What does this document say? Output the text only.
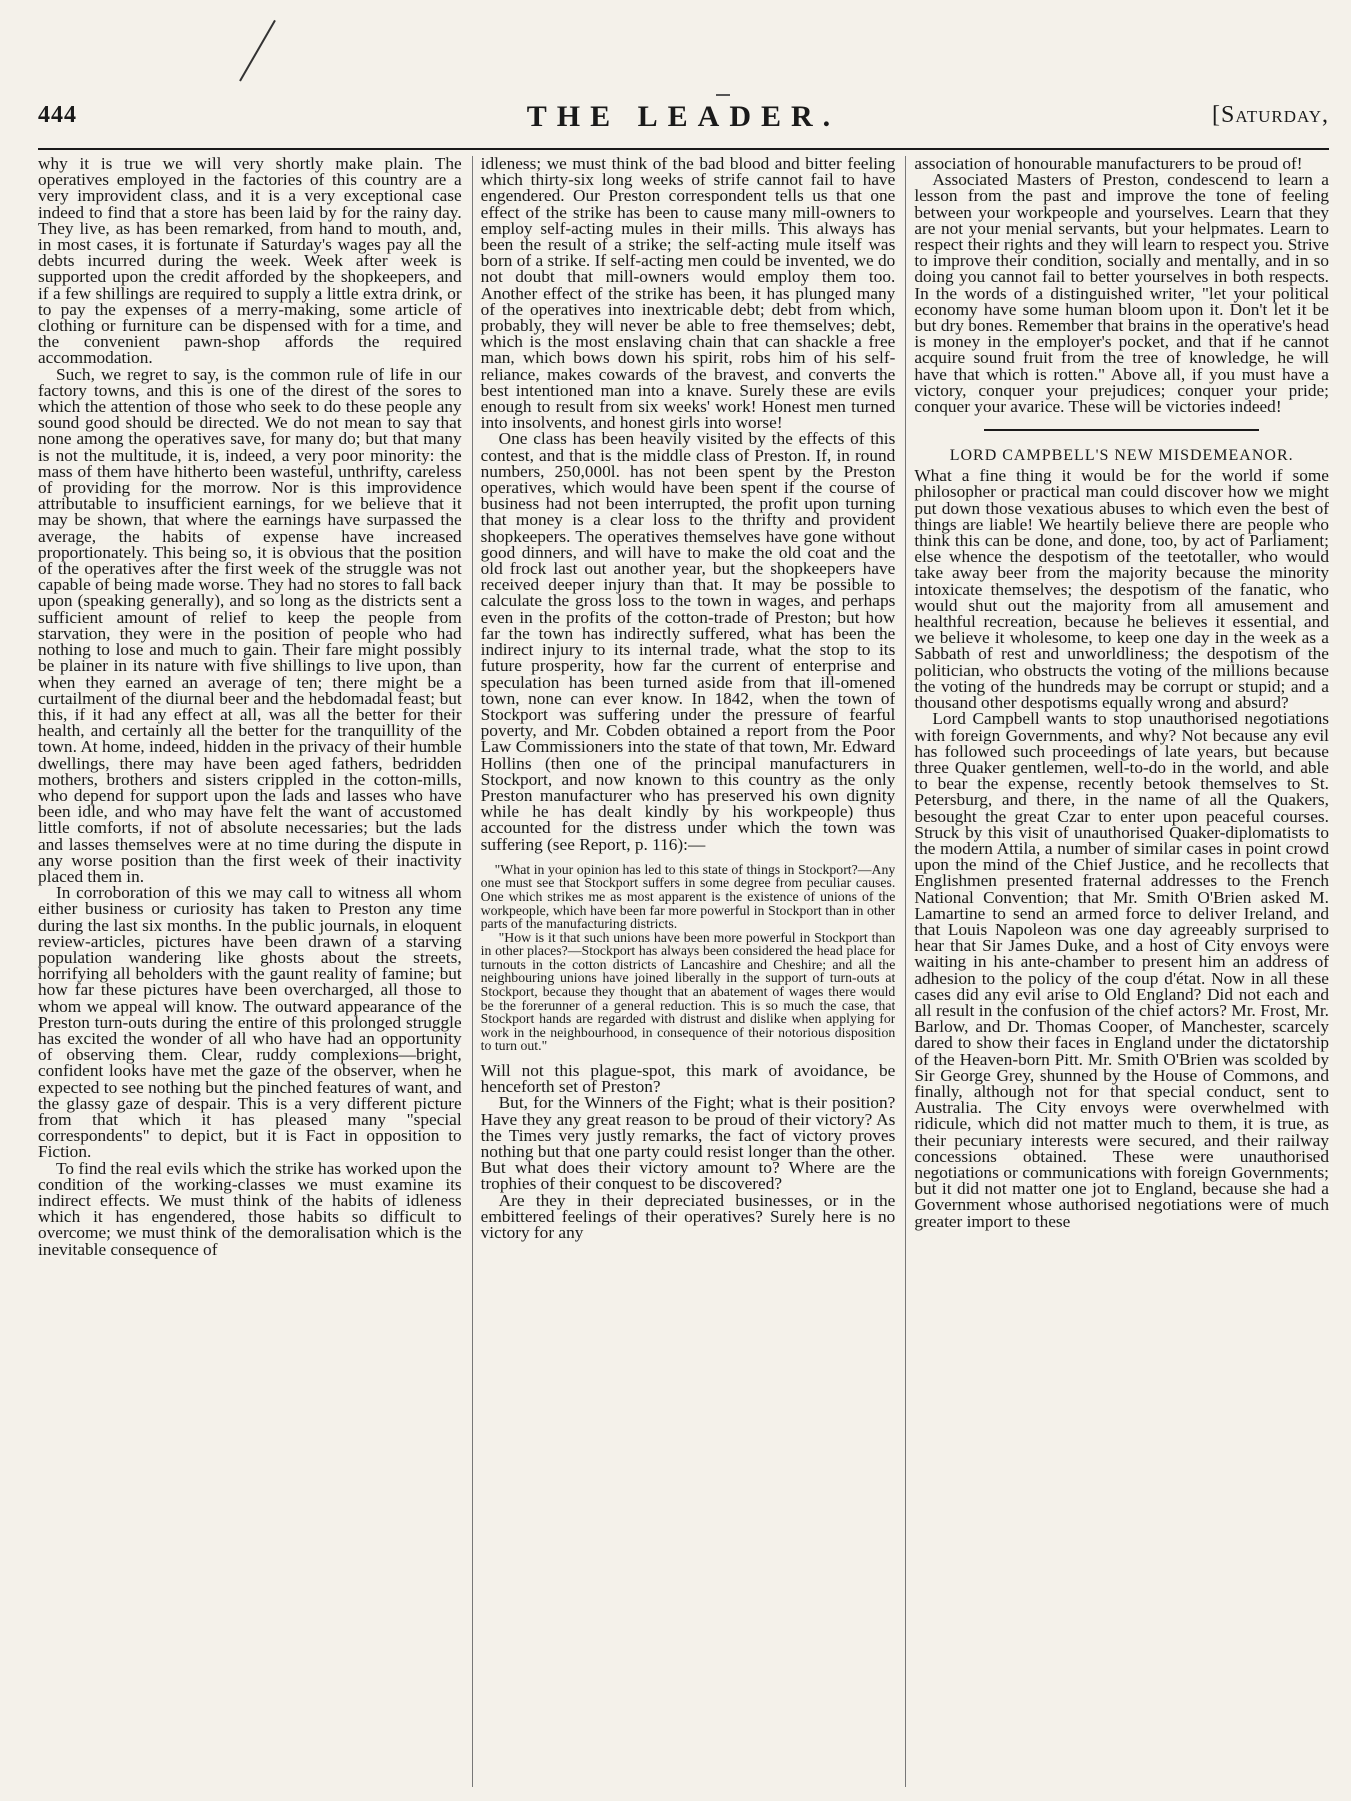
444	THE LEADER.	[Saturday,

why it is true we will very shortly make plain. The operatives employed in the factories of this country are a very improvident class, and it is a very exceptional case indeed to find that a store has been laid by for the rainy day. They live, as has been remarked, from hand to mouth, and, in most cases, it is fortunate if Saturday's wages pay all the debts incurred during the week. Week after week is supported upon the credit afforded by the shopkeepers, and if a few shillings are required to supply a little extra drink, or to pay the expenses of a merry-making, some article of clothing or furniture can be dispensed with for a time, and the convenient pawn-shop affords the required accommodation.

Such, we regret to say, is the common rule of life in our factory towns, and this is one of the direst of the sores to which the attention of those who seek to do these people any sound good should be directed. We do not mean to say that none among the operatives save, for many do; but that many is not the multitude, it is, indeed, a very poor minority: the mass of them have hitherto been wasteful, unthrifty, careless of providing for the morrow. Nor is this improvidence attributable to insufficient earnings, for we believe that it may be shown, that where the earnings have surpassed the average, the habits of expense have increased proportionately. This being so, it is obvious that the position of the operatives after the first week of the struggle was not capable of being made worse. They had no stores to fall back upon (speaking generally), and so long as the districts sent a sufficient amount of relief to keep the people from starvation, they were in the position of people who had nothing to lose and much to gain. Their fare might possibly be plainer in its nature with five shillings to live upon, than when they earned an average of ten; there might be a curtailment of the diurnal beer and the hebdomadal feast; but this, if it had any effect at all, was all the better for their health, and certainly all the better for the tranquillity of the town. At home, indeed, hidden in the privacy of their humble dwellings, there may have been aged fathers, bedridden mothers, brothers and sisters crippled in the cotton-mills, who depend for support upon the lads and lasses who have been idle, and who may have felt the want of accustomed little comforts, if not of absolute necessaries; but the lads and lasses themselves were at no time during the dispute in any worse position than the first week of their inactivity placed them in.

In corroboration of this we may call to witness all whom either business or curiosity has taken to Preston any time during the last six months. In the public journals, in eloquent review-articles, pictures have been drawn of a starving population wandering like ghosts about the streets, horrifying all beholders with the gaunt reality of famine; but how far these pictures have been overcharged, all those to whom we appeal will know. The outward appearance of the Preston turn-outs during the entire of this prolonged struggle has excited the wonder of all who have had an opportunity of observing them. Clear, ruddy complexions—bright, confident looks have met the gaze of the observer, when he expected to see nothing but the pinched features of want, and the glassy gaze of despair. This is a very different picture from that which it has pleased many "special correspondents" to depict, but it is Fact in opposition to Fiction.

To find the real evils which the strike has worked upon the condition of the working-classes we must examine its indirect effects. We must think of the habits of idleness which it has engendered, those habits so difficult to overcome; we must think of the demoralisation which is the inevitable consequence of

idleness; we must think of the bad blood and bitter feeling which thirty-six long weeks of strife cannot fail to have engendered. Our Preston correspondent tells us that one effect of the strike has been to cause many mill-owners to employ self-acting mules in their mills. This always has been the result of a strike; the self-acting mule itself was born of a strike. If self-acting men could be invented, we do not doubt that mill-owners would employ them too. Another effect of the strike has been, it has plunged many of the operatives into inextricable debt; debt from which, probably, they will never be able to free themselves; debt, which is the most enslaving chain that can shackle a free man, which bows down his spirit, robs him of his self-reliance, makes cowards of the bravest, and converts the best intentioned man into a knave. Surely these are evils enough to result from six weeks' work! Honest men turned into insolvents, and honest girls into worse!

One class has been heavily visited by the effects of this contest, and that is the middle class of Preston. If, in round numbers, 250,000l. has not been spent by the Preston operatives, which would have been spent if the course of business had not been interrupted, the profit upon turning that money is a clear loss to the thrifty and provident shopkeepers. The operatives themselves have gone without good dinners, and will have to make the old coat and the old frock last out another year, but the shopkeepers have received deeper injury than that. It may be possible to calculate the gross loss to the town in wages, and perhaps even in the profits of the cotton-trade of Preston; but how far the town has indirectly suffered, what has been the indirect injury to its internal trade, what the stop to its future prosperity, how far the current of enterprise and speculation has been turned aside from that ill-omened town, none can ever know. In 1842, when the town of Stockport was suffering under the pressure of fearful poverty, and Mr. Cobden obtained a report from the Poor Law Commissioners into the state of that town, Mr. Edward Hollins (then one of the principal manufacturers in Stockport, and now known to this country as the only Preston manufacturer who has preserved his own dignity while he has dealt kindly by his workpeople) thus accounted for the distress under which the town was suffering (see Report, p. 116):—

"What in your opinion has led to this state of things in Stockport?—Any one must see that Stockport suffers in some degree from peculiar causes. One which strikes me as most apparent is the existence of unions of the workpeople, which have been far more powerful in Stockport than in other parts of the manufacturing districts.

"How is it that such unions have been more powerful in Stockport than in other places?—Stockport has always been considered the head place for turnouts in the cotton districts of Lancashire and Cheshire; and all the neighbouring unions have joined liberally in the support of turn-outs at Stockport, because they thought that an abatement of wages there would be the forerunner of a general reduction. This is so much the case, that Stockport hands are regarded with distrust and dislike when applying for work in the neighbourhood, in consequence of their notorious disposition to turn out."

Will not this plague-spot, this mark of avoidance, be henceforth set of Preston?

But, for the Winners of the Fight; what is their position? Have they any great reason to be proud of their victory? As the Times very justly remarks, the fact of victory proves nothing but that one party could resist longer than the other. But what does their victory amount to? Where are the trophies of their conquest to be discovered?

Are they in their depreciated businesses, or in the embittered feelings of their operatives? Surely here is no victory for any

association of honourable manufacturers to be proud of!

Associated Masters of Preston, condescend to learn a lesson from the past and improve the tone of feeling between your workpeople and yourselves. Learn that they are not your menial servants, but your helpmates. Learn to respect their rights and they will learn to respect you. Strive to improve their condition, socially and mentally, and in so doing you cannot fail to better yourselves in both respects. In the words of a distinguished writer, "let your political economy have some human bloom upon it. Don't let it be but dry bones. Remember that brains in the operative's head is money in the employer's pocket, and that if he cannot acquire sound fruit from the tree of knowledge, he will have that which is rotten." Above all, if you must have a victory, conquer your prejudices; conquer your pride; conquer your avarice. These will be victories indeed!

LORD CAMPBELL'S NEW MISDEMEANOR.

What a fine thing it would be for the world if some philosopher or practical man could discover how we might put down those vexatious abuses to which even the best of things are liable! We heartily believe there are people who think this can be done, and done, too, by act of Parliament; else whence the despotism of the teetotaller, who would take away beer from the majority because the minority intoxicate themselves; the despotism of the fanatic, who would shut out the majority from all amusement and healthful recreation, because he believes it essential, and we believe it wholesome, to keep one day in the week as a Sabbath of rest and unworldliness; the despotism of the politician, who obstructs the voting of the millions because the voting of the hundreds may be corrupt or stupid; and a thousand other despotisms equally wrong and absurd?

Lord Campbell wants to stop unauthorised negotiations with foreign Governments, and why? Not because any evil has followed such proceedings of late years, but because three Quaker gentlemen, well-to-do in the world, and able to bear the expense, recently betook themselves to St. Petersburg, and there, in the name of all the Quakers, besought the great Czar to enter upon peaceful courses. Struck by this visit of unauthorised Quaker-diplomatists to the modern Attila, a number of similar cases in point crowd upon the mind of the Chief Justice, and he recollects that Englishmen presented fraternal addresses to the French National Convention; that Mr. Smith O'Brien asked M. Lamartine to send an armed force to deliver Ireland, and that Louis Napoleon was one day agreeably surprised to hear that Sir James Duke, and a host of City envoys were waiting in his ante-chamber to present him an address of adhesion to the policy of the coup d'état. Now in all these cases did any evil arise to Old England? Did not each and all result in the confusion of the chief actors? Mr. Frost, Mr. Barlow, and Dr. Thomas Cooper, of Manchester, scarcely dared to show their faces in England under the dictatorship of the Heaven-born Pitt. Mr. Smith O'Brien was scolded by Sir George Grey, shunned by the House of Commons, and finally, although not for that special conduct, sent to Australia. The City envoys were overwhelmed with ridicule, which did not matter much to them, it is true, as their pecuniary interests were secured, and their railway concessions obtained. These were unauthorised negotiations or communications with foreign Governments; but it did not matter one jot to England, because she had a Government whose authorised negotiations were of much greater import to these
